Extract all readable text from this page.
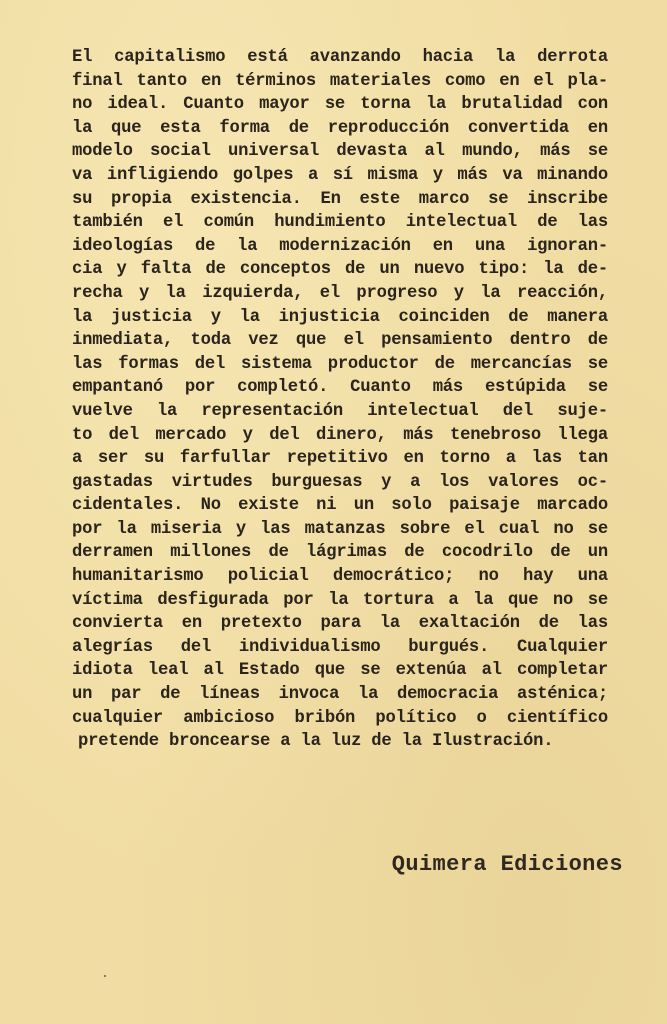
El capitalismo está avanzando hacia la derrota
final tanto en términos materiales como en el pla-
no ideal. Cuanto mayor se torna la brutalidad con
la que esta forma de reproducción convertida en
modelo social universal devasta al mundo, más se
va infligiendo golpes a sí misma y más va minando
su propia existencia. En este marco se inscribe
también el común hundimiento intelectual de las
ideologías de la modernización en una ignoran-
cia y falta de conceptos de un nuevo tipo: la de-
recha y la izquierda, el progreso y la reacción,
la justicia y la injusticia coinciden de manera
inmediata, toda vez que el pensamiento dentro de
las formas del sistema productor de mercancías se
empantanó por completó. Cuanto más estúpida se
vuelve la representación intelectual del suje-
to del mercado y del dinero, más tenebroso llega
a ser su farfullar repetitivo en torno a las tan
gastadas virtudes burguesas y a los valores oc-
cidentales. No existe ni un solo paisaje marcado
por la miseria y las matanzas sobre el cual no se
derramen millones de lágrimas de cocodrilo de un
humanitarismo policial democrático; no hay una
víctima desfigurada por la tortura a la que no se
convierta en pretexto para la exaltación de las
alegrías del individualismo burgués. Cualquier
idiota leal al Estado que se extenúa al completar
un par de líneas invoca la democracia asténica;
cualquier ambicioso bribón político o científico
pretende broncearse a la luz de la Ilustración.
Quimera Ediciones
